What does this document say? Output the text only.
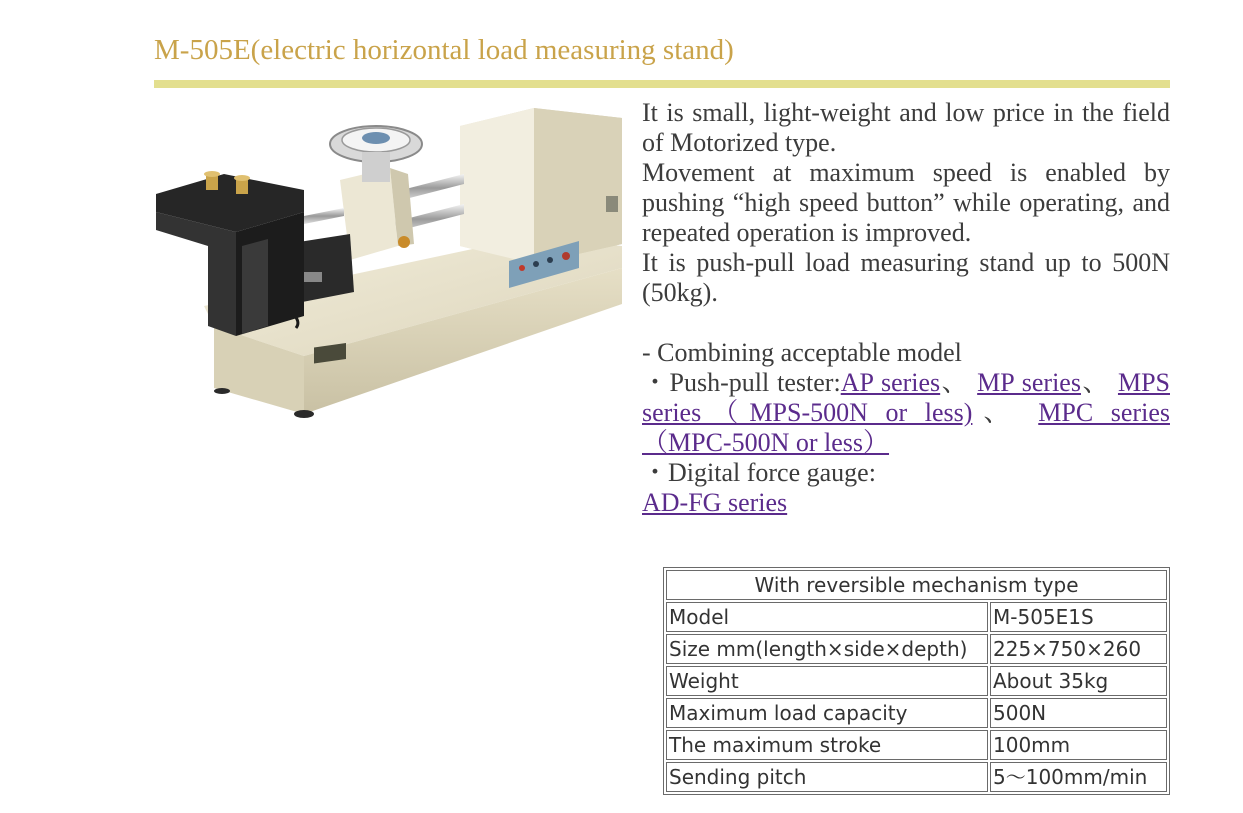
M-505E(electric horizontal load measuring stand)

It is small, light-weight and low price in the field of Motorized type.

Movement at maximum speed is enabled by pushing “high speed button” while operating, and repeated operation is improved.

It is push-pull load measuring stand up to 500N (50kg).

- Combining acceptable model

・Push-pull tester:AP series、 MP series、 MPS series（MPS-500N or less)、 MPC series（MPC-500N or less）

・Digital force gauge:

AD-FG series

With reversible mechanism type	
Model	M-505E1S
Size mm(length×side×depth)	225×750×260
Weight	About 35kg
Maximum load capacity	500N
The maximum stroke	100mm
Sending pitch	5〜100mm/min
